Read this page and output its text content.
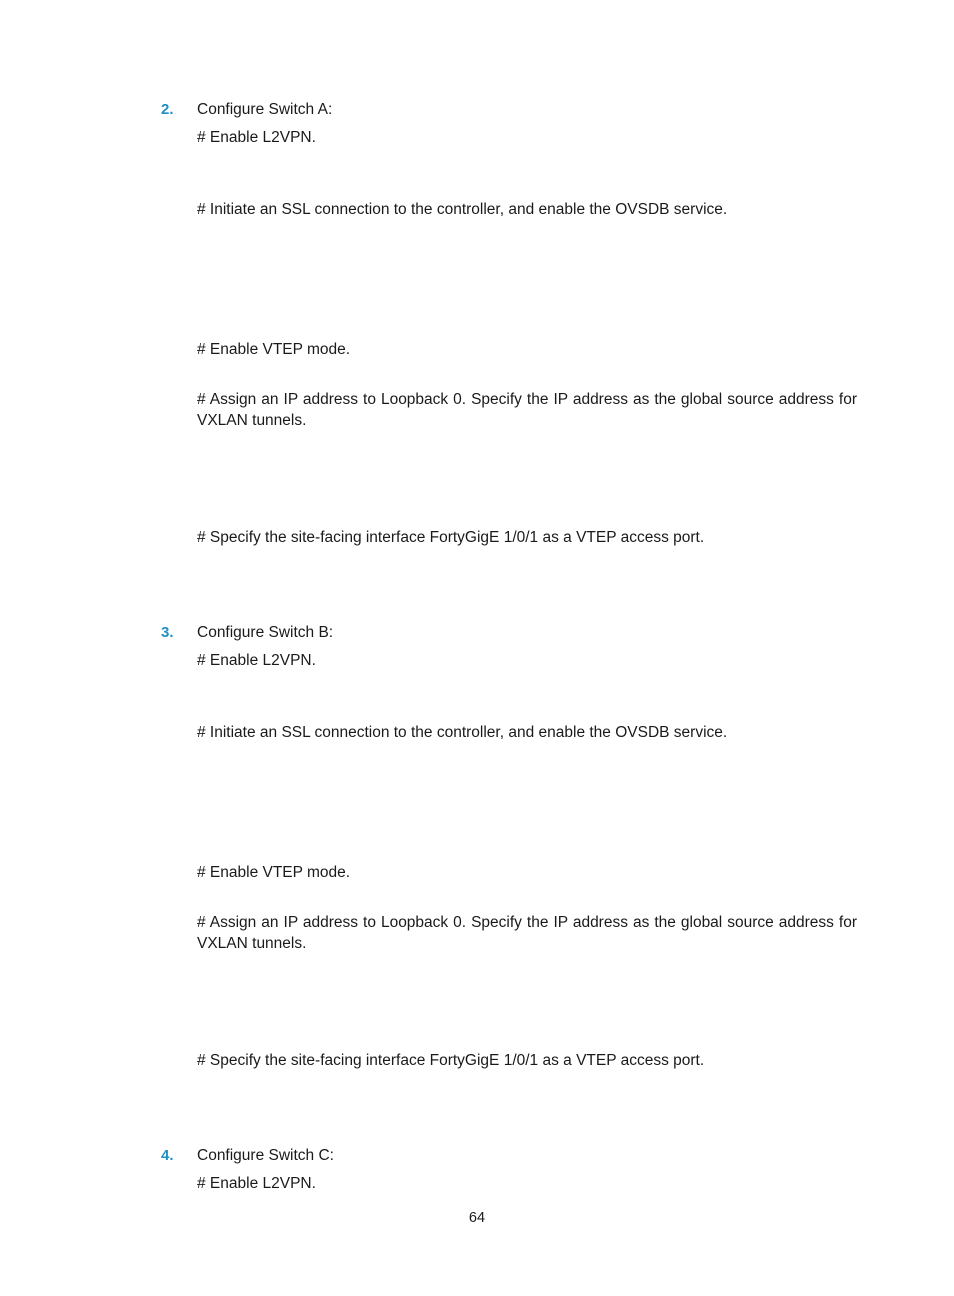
2. Configure Switch A:
# Enable L2VPN.
# Initiate an SSL connection to the controller, and enable the OVSDB service.
# Enable VTEP mode.
# Assign an IP address to Loopback 0. Specify the IP address as the global source address for VXLAN tunnels.
# Specify the site-facing interface FortyGigE 1/0/1 as a VTEP access port.
3. Configure Switch B:
# Enable L2VPN.
# Initiate an SSL connection to the controller, and enable the OVSDB service.
# Enable VTEP mode.
# Assign an IP address to Loopback 0. Specify the IP address as the global source address for VXLAN tunnels.
# Specify the site-facing interface FortyGigE 1/0/1 as a VTEP access port.
4. Configure Switch C:
# Enable L2VPN.
64
